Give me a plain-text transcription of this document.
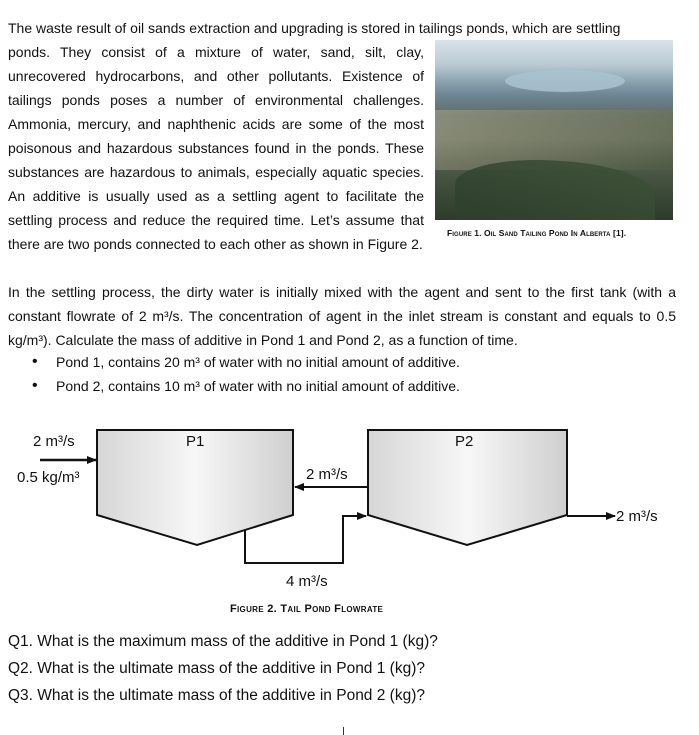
The waste result of oil sands extraction and upgrading is stored in tailings ponds, which are settling
ponds. They consist of a mixture of water, sand, silt, clay, unrecovered hydrocarbons, and other pollutants. Existence of tailings ponds poses a number of environmental challenges. Ammonia, mercury, and naphthenic acids are some of the most poisonous and hazardous substances found in the ponds. These substances are hazardous to animals, especially aquatic species. An additive is usually used as a settling agent to facilitate the settling process and reduce the required time. Let’s assume that
there are two ponds connected to each other as shown in Figure 2.
Figure 1. Oil Sand Tailing Pond In Alberta [1].
In the settling process, the dirty water is initially mixed with the agent and sent to the first tank (with a constant flowrate of 2 m³/s. The concentration of agent in the inlet stream is constant and equals to 0.5 kg/m³). Calculate the mass of additive in Pond 1 and Pond 2, as a function of time.
• Pond 1, contains 20 m³ of water with no initial amount of additive.
• Pond 2, contains 10 m³ of water with no initial amount of additive.
2 m³/s
0.5 kg/m³
P1	P2
2 m³/s
4 m³/s
2 m³/s
Figure 2. Tail Pond Flowrate
Q1. What is the maximum mass of the additive in Pond 1 (kg)?
Q2. What is the ultimate mass of the additive in Pond 1 (kg)?
Q3. What is the ultimate mass of the additive in Pond 2 (kg)?
